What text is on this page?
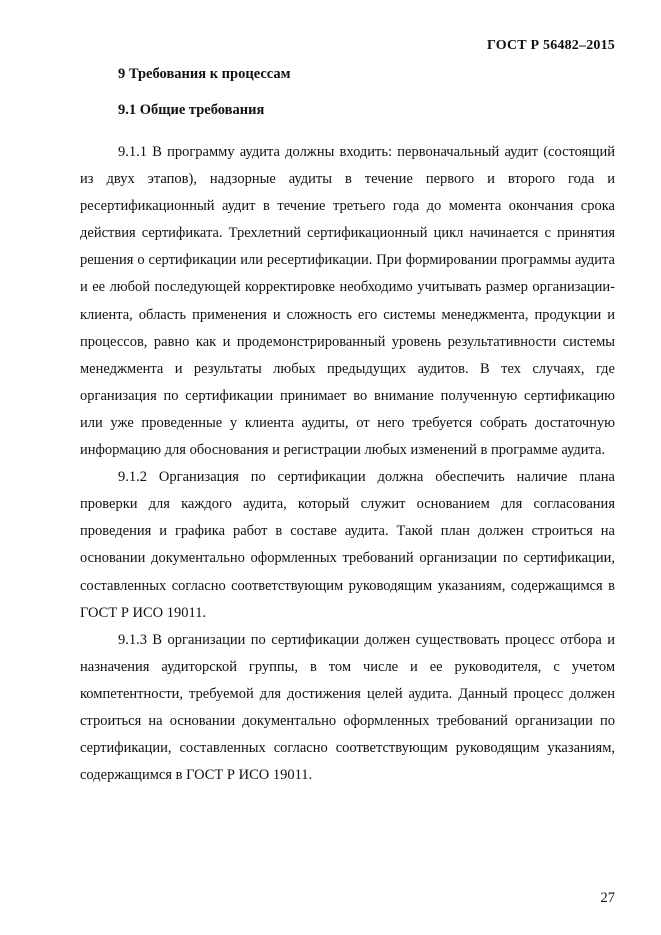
ГОСТ Р 56482–2015
9 Требования к процессам
9.1 Общие требования

9.1.1 В программу аудита должны входить: первоначальный аудит (состоящий из двух этапов), надзорные аудиты в течение первого и второго года и ресертификационный аудит в течение третьего года до момента окончания срока действия сертификата. Трехлетний сертификационный цикл начинается с принятия решения о сертификации или ресертификации. При формировании программы аудита и ее любой последующей корректировке необходимо учитывать размер организации-клиента, область применения и сложность его системы менеджмента, продукции и процессов, равно как и продемонстрированный уровень результативности системы менеджмента и результаты любых предыдущих аудитов. В тех случаях, где организация по сертификации принимает во внимание полученную сертификацию или уже проведенные у клиента аудиты, от него требуется собрать достаточную информацию для обоснования и регистрации любых изменений в программе аудита.

9.1.2 Организация по сертификации должна обеспечить наличие плана проверки для каждого аудита, который служит основанием для согласования проведения и графика работ в составе аудита. Такой план должен строиться на основании документально оформленных требований организации по сертификации, составленных согласно соответствующим руководящим указаниям, содержащимся в ГОСТ Р ИСО 19011.

9.1.3 В организации по сертификации должен существовать процесс отбора и назначения аудиторской группы, в том числе и ее руководителя, с учетом компетентности, требуемой для достижения целей аудита. Данный процесс должен строиться на основании документально оформленных требований организации по сертификации, составленных согласно соответствующим руководящим указаниям, содержащимся в ГОСТ Р ИСО 19011.

27
